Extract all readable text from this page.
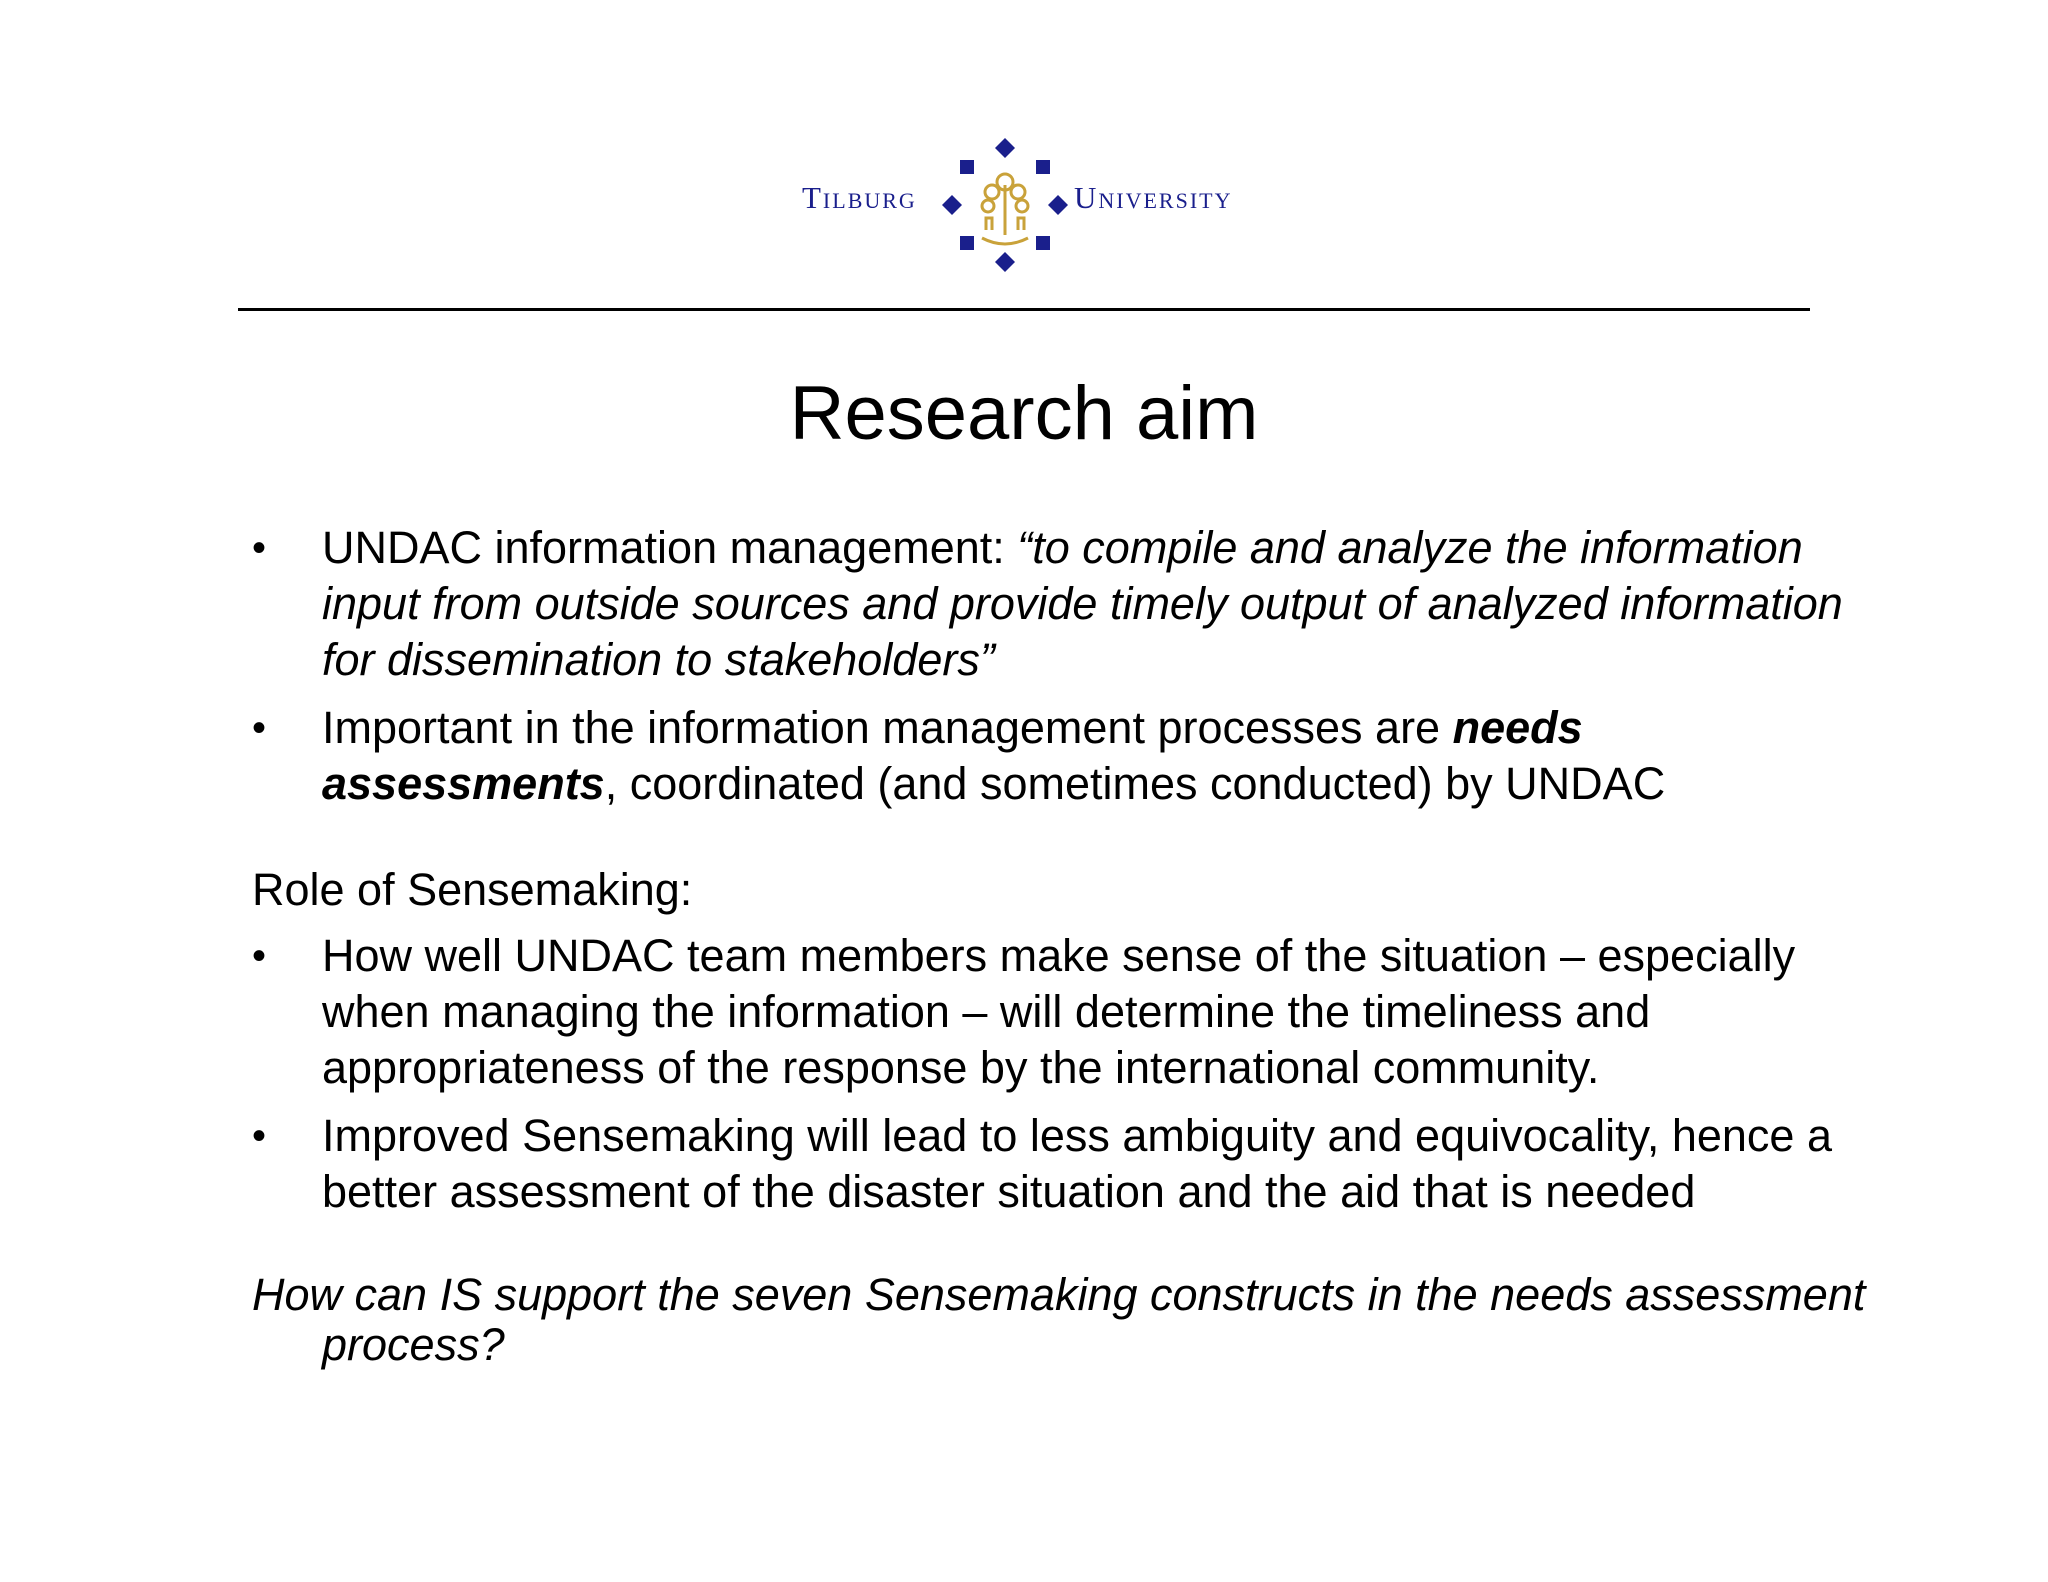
Tilburg	University
Research aim
•	UNDAC information management: “to compile and analyze the information input from outside sources and provide timely output of analyzed information for dissemination to stakeholders”
•	Important in the information management processes are needs assessments, coordinated (and sometimes conducted) by UNDAC
Role of Sensemaking:
•	How well UNDAC team members make sense of the situation – especially when managing the information – will determine the timeliness and appropriateness of the response by the international community.
•	Improved Sensemaking will lead to less ambiguity and equivocality, hence a better assessment of the disaster situation and the aid that is needed
How can IS support the seven Sensemaking constructs in the needs assessment process?
